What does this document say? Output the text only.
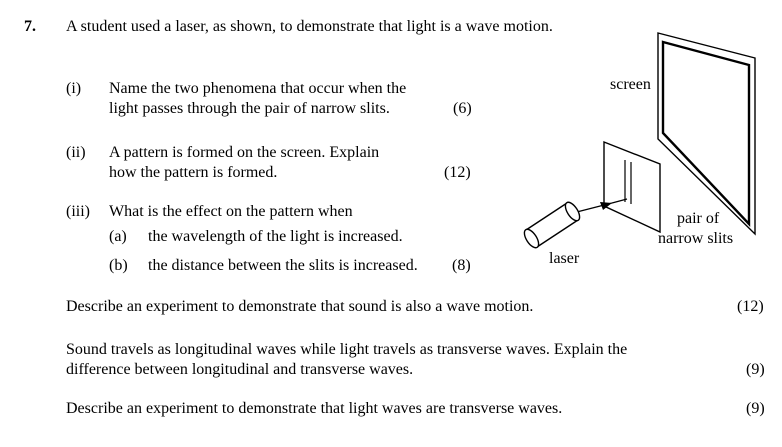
7. A student used a laser, as shown, to demonstrate that light is a wave motion.
(i) Name the two phenomena that occur when the
light passes through the pair of narrow slits.	(6)
(ii) A pattern is formed on the screen. Explain
how the pattern is formed.	(12)
(iii) What is the effect on the pattern when
(a) the wavelength of the light is increased.
(b) the distance between the slits is increased. (8)
Describe an experiment to demonstrate that sound is also a wave motion.	(12)
Sound travels as longitudinal waves while light travels as transverse waves. Explain the
difference between longitudinal and transverse waves.	(9)
Describe an experiment to demonstrate that light waves are transverse waves.	(9)
screen
pair of
narrow slits
laser
